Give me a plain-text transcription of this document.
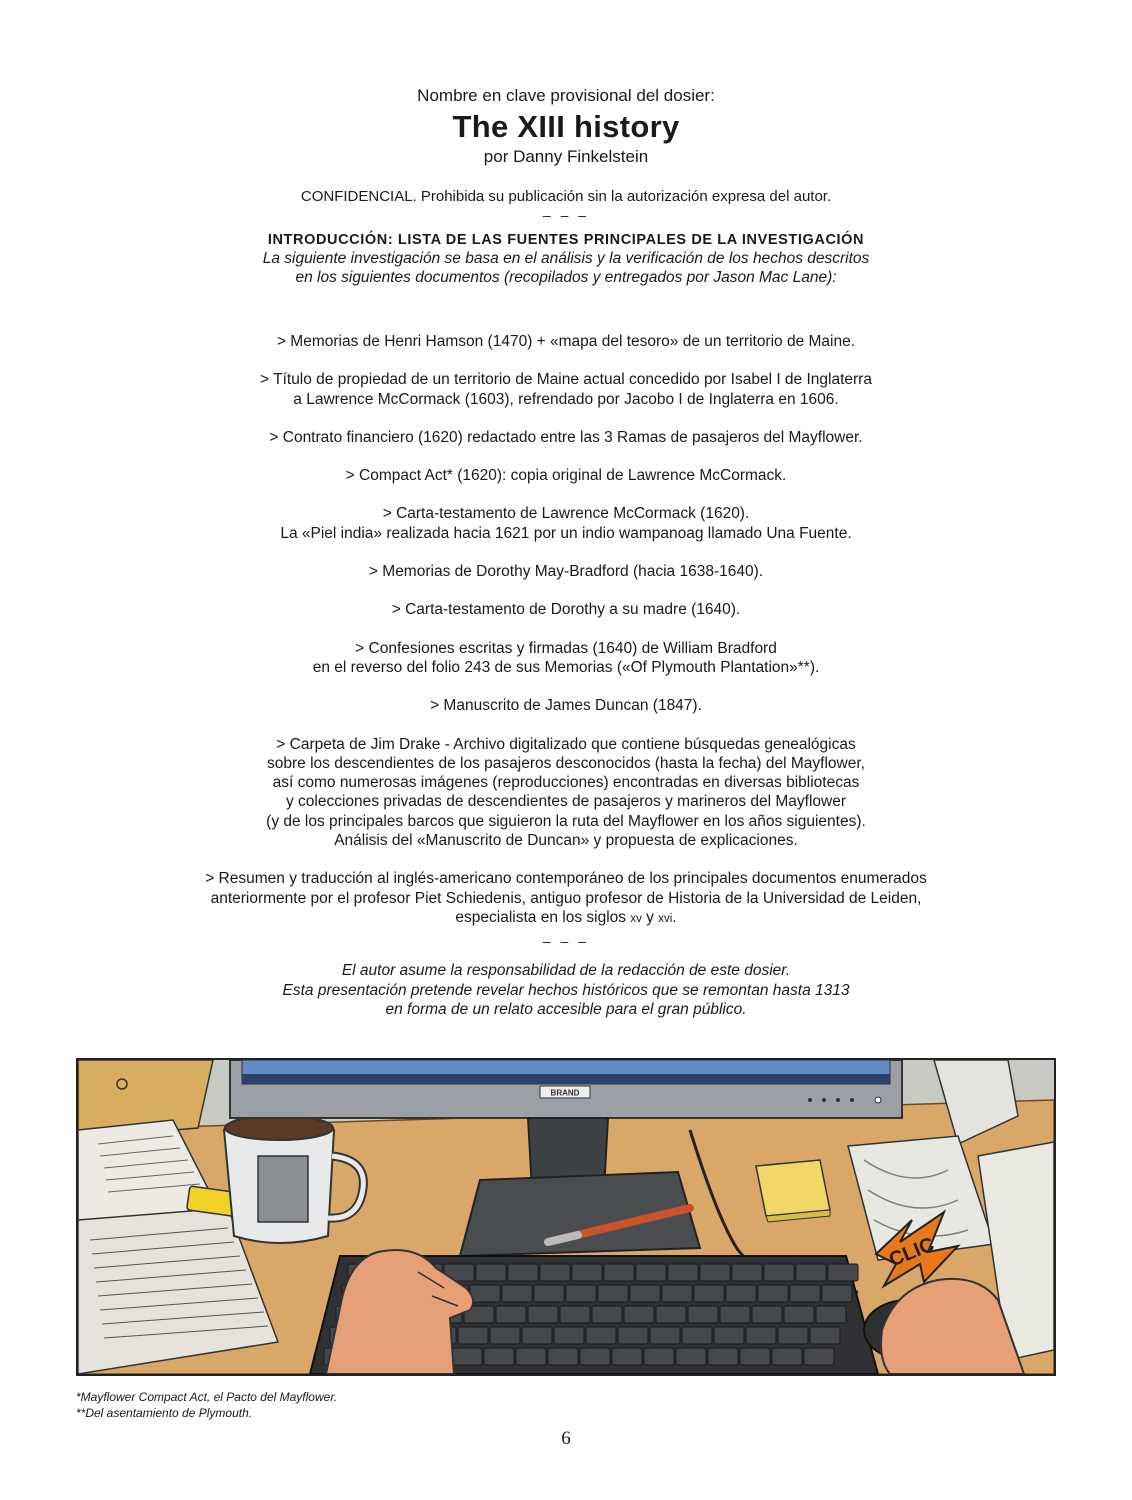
Nombre en clave provisional del dosier:
The XIII history
por Danny Finkelstein
CONFIDENCIAL. Prohibida su publicación sin la autorización expresa del autor.
– – –
INTRODUCCIÓN: LISTA DE LAS FUENTES PRINCIPALES DE LA INVESTIGACIÓN
La siguiente investigación se basa en el análisis y la verificación de los hechos descritos
en los siguientes documentos (recopilados y entregados por Jason Mac Lane):
> Memorias de Henri Hamson (1470) + «mapa del tesoro» de un territorio de Maine.
> Título de propiedad de un territorio de Maine actual concedido por Isabel I de Inglaterra
a Lawrence McCormack (1603), refrendado por Jacobo I de Inglaterra en 1606.
> Contrato financiero (1620) redactado entre las 3 Ramas de pasajeros del Mayflower.
> Compact Act* (1620): copia original de Lawrence McCormack.
> Carta-testamento de Lawrence McCormack (1620).
La «Piel india» realizada hacia 1621 por un indio wampanoag llamado Una Fuente.
> Memorias de Dorothy May-Bradford (hacia 1638-1640).
> Carta-testamento de Dorothy a su madre (1640).
> Confesiones escritas y firmadas (1640) de William Bradford
en el reverso del folio 243 de sus Memorias («Of Plymouth Plantation»**).
> Manuscrito de James Duncan (1847).
> Carpeta de Jim Drake - Archivo digitalizado que contiene búsquedas genealógicas
sobre los descendientes de los pasajeros desconocidos (hasta la fecha) del Mayflower,
así como numerosas imágenes (reproducciones) encontradas en diversas bibliotecas
y colecciones privadas de descendientes de pasajeros y marineros del Mayflower
(y de los principales barcos que siguieron la ruta del Mayflower en los años siguientes).
Análisis del «Manuscrito de Duncan» y propuesta de explicaciones.
> Resumen y traducción al inglés-americano contemporáneo de los principales documentos enumerados
anteriormente por el profesor Piet Schiedenis, antiguo profesor de Historia de la Universidad de Leiden,
especialista en los siglos xv y xvi.
– – –
El autor asume la responsabilidad de la redacción de este dosier.
Esta presentación pretende revelar hechos históricos que se remontan hasta 1313
en forma de un relato accesible para el gran público.
BRAND
CLIC
*Mayflower Compact Act, el Pacto del Mayflower.
**Del asentamiento de Plymouth.
6
